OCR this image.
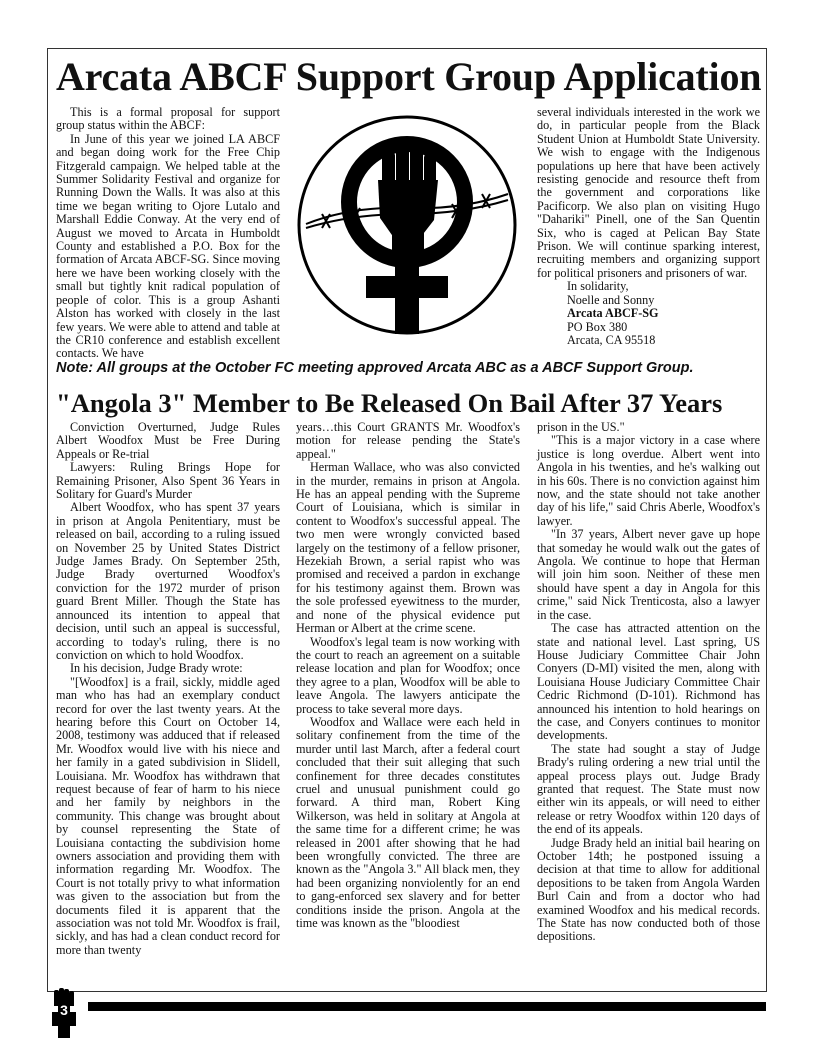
Arcata ABCF Support Group Application

This is a formal proposal for support group status within the ABCF:

In June of this year we joined LA ABCF and began doing work for the Free Chip Fitzgerald campaign. We helped table at the Summer Solidarity Festival and organize for Running Down the Walls. It was also at this time we began writing to Ojore Lutalo and Marshall Eddie Conway. At the very end of August we moved to Arcata in Humboldt County and established a P.O. Box for the formation of Arcata ABCF-SG. Since moving here we have been working closely with the small but tightly knit radical population of people of color. This is a group Ashanti Alston has worked with closely in the last few years. We were able to attend and table at the CR10 conference and establish excellent contacts. We have

several individuals interested in the work we do, in particular people from the Black Student Union at Humboldt State University. We wish to engage with the Indigenous populations up here that have been actively resisting genocide and resource theft from the government and corporations like Pacificorp. We also plan on visiting Hugo "Dahariki" Pinell, one of the San Quentin Six, who is caged at Pelican Bay State Prison. We will continue sparking interest, recruiting members and organizing support for political prisoners and prisoners of war.

In solidarity,

Noelle and Sonny

Arcata ABCF-SG

PO Box 380

Arcata, CA 95518

Note: All groups at the October FC meeting approved Arcata ABC as a ABCF Support Group.

"Angola 3" Member to Be Released On Bail After 37 Years

Conviction Overturned, Judge Rules Albert Woodfox Must be Free During Appeals or Re-trial

Lawyers: Ruling Brings Hope for Remaining Prisoner, Also Spent 36 Years in Solitary for Guard's Murder

Albert Woodfox, who has spent 37 years in prison at Angola Penitentiary, must be released on bail, according to a ruling issued on November 25 by United States District Judge James Brady. On September 25th, Judge Brady overturned Woodfox's conviction for the 1972 murder of prison guard Brent Miller. Though the State has announced its intention to appeal that decision, until such an appeal is successful, according to today's ruling, there is no conviction on which to hold Woodfox.

In his decision, Judge Brady wrote:

"[Woodfox] is a frail, sickly, middle aged man who has had an exemplary conduct record for over the last twenty years. At the hearing before this Court on October 14, 2008, testimony was adduced that if released Mr. Woodfox would live with his niece and her family in a gated subdivision in Slidell, Louisiana. Mr. Woodfox has withdrawn that request because of fear of harm to his niece and her family by neighbors in the community. This change was brought about by counsel representing the State of Louisiana contacting the subdivision home owners association and providing them with information regarding Mr. Woodfox. The Court is not totally privy to what information was given to the association but from the documents filed it is apparent that the association was not told Mr. Woodfox is frail, sickly, and has had a clean conduct record for more than twenty

years…this Court GRANTS Mr. Woodfox's motion for release pending the State's appeal."

Herman Wallace, who was also convicted in the murder, remains in prison at Angola. He has an appeal pending with the Supreme Court of Louisiana, which is similar in content to Woodfox's successful appeal. The two men were wrongly convicted based largely on the testimony of a fellow prisoner, Hezekiah Brown, a serial rapist who was promised and received a pardon in exchange for his testimony against them. Brown was the sole professed eyewitness to the murder, and none of the physical evidence put Herman or Albert at the crime scene.

Woodfox's legal team is now working with the court to reach an agreement on a suitable release location and plan for Woodfox; once they agree to a plan, Woodfox will be able to leave Angola. The lawyers anticipate the process to take several more days.

Woodfox and Wallace were each held in solitary confinement from the time of the murder until last March, after a federal court concluded that their suit alleging that such confinement for three decades constitutes cruel and unusual punishment could go forward. A third man, Robert King Wilkerson, was held in solitary at Angola at the same time for a different crime; he was released in 2001 after showing that he had been wrongfully convicted. The three are known as the "Angola 3." All black men, they had been organizing nonviolently for an end to gang-enforced sex slavery and for better conditions inside the prison. Angola at the time was known as the "bloodiest

prison in the US."

"This is a major victory in a case where justice is long overdue. Albert went into Angola in his twenties, and he's walking out in his 60s. There is no conviction against him now, and the state should not take another day of his life," said Chris Aberle, Woodfox's lawyer.

"In 37 years, Albert never gave up hope that someday he would walk out the gates of Angola. We continue to hope that Herman will join him soon. Neither of these men should have spent a day in Angola for this crime," said Nick Trenticosta, also a lawyer in the case.

The case has attracted attention on the state and national level. Last spring, US House Judiciary Committee Chair John Conyers (D-MI) visited the men, along with Louisiana House Judiciary Committee Chair Cedric Richmond (D-101). Richmond has announced his intention to hold hearings on the case, and Conyers continues to monitor developments.

The state had sought a stay of Judge Brady's ruling ordering a new trial until the appeal process plays out. Judge Brady granted that request. The State must now either win its appeals, or will need to either release or retry Woodfox within 120 days of the end of its appeals.

Judge Brady held an initial bail hearing on October 14th; he postponed issuing a decision at that time to allow for additional depositions to be taken from Angola Warden Burl Cain and from a doctor who had examined Woodfox and his medical records. The State has now conducted both of those depositions.

3
